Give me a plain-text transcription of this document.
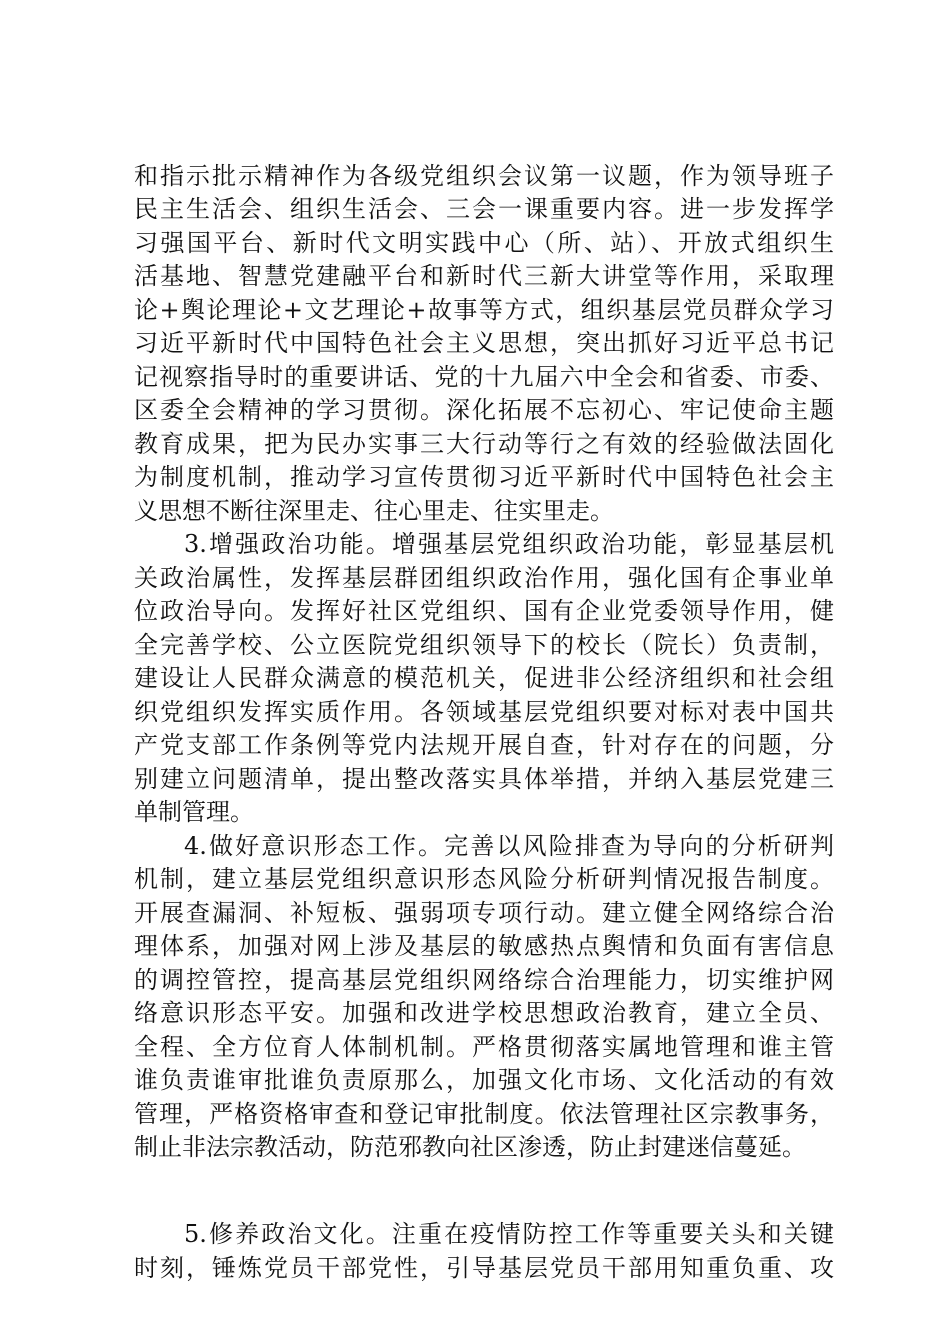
和指示批示精神作为各级党组织会议第一议题，作为领导班子
民主生活会、组织生活会、三会一课重要内容。进一步发挥学
习强国平台、新时代文明实践中心（所、站）、开放式组织生
活基地、智慧党建融平台和新时代三新大讲堂等作用，采取理
论+舆论理论+文艺理论+故事等方式，组织基层党员群众学习
习近平新时代中国特色社会主义思想，突出抓好习近平总书记
记视察指导时的重要讲话、党的十九届六中全会和省委、市委、
区委全会精神的学习贯彻。深化拓展不忘初心、牢记使命主题
教育成果，把为民办实事三大行动等行之有效的经验做法固化
为制度机制，推动学习宣传贯彻习近平新时代中国特色社会主
义思想不断往深里走、往心里走、往实里走。
3.增强政治功能。增强基层党组织政治功能，彰显基层机
关政治属性，发挥基层群团组织政治作用，强化国有企事业单
位政治导向。发挥好社区党组织、国有企业党委领导作用，健
全完善学校、公立医院党组织领导下的校长（院长）负责制，
建设让人民群众满意的模范机关，促进非公经济组织和社会组
织党组织发挥实质作用。各领域基层党组织要对标对表中国共
产党支部工作条例等党内法规开展自查，针对存在的问题，分
别建立问题清单，提出整改落实具体举措，并纳入基层党建三
单制管理。
4.做好意识形态工作。完善以风险排查为导向的分析研判
机制，建立基层党组织意识形态风险分析研判情况报告制度。
开展查漏洞、补短板、强弱项专项行动。建立健全网络综合治
理体系，加强对网上涉及基层的敏感热点舆情和负面有害信息
的调控管控，提高基层党组织网络综合治理能力，切实维护网
络意识形态平安。加强和改进学校思想政治教育，建立全员、
全程、全方位育人体制机制。严格贯彻落实属地管理和谁主管
谁负责谁审批谁负责原那么，加强文化市场、文化活动的有效
管理，严格资格审查和登记审批制度。依法管理社区宗教事务，
制止非法宗教活动，防范邪教向社区渗透，防止封建迷信蔓延。
5.修养政治文化。注重在疫情防控工作等重要关头和关键
时刻，锤炼党员干部党性，引导基层党员干部用知重负重、攻
